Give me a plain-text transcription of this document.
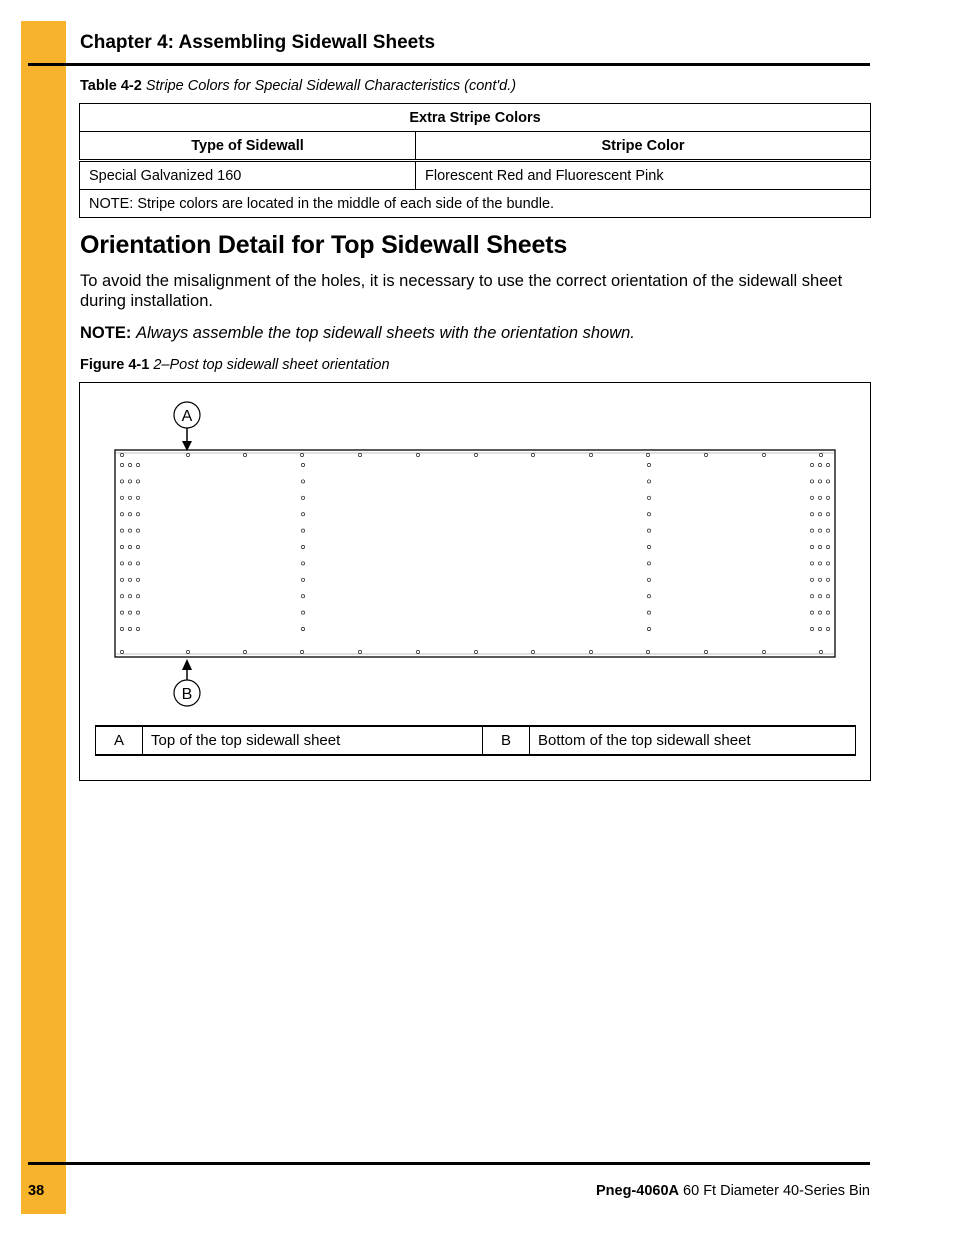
Chapter 4: Assembling Sidewall Sheets
Table 4-2 Stripe Colors for Special Sidewall Characteristics (cont'd.)
Extra Stripe Colors	
Type of Sidewall	Stripe Color
Special Galvanized 160	Florescent Red and Fluorescent Pink
NOTE: Stripe colors are located in the middle of each side of the bundle.	
Orientation Detail for Top Sidewall Sheets
To avoid the misalignment of the holes, it is necessary to use the correct orientation of the sidewall sheet during installation.
NOTE: Always assemble the top sidewall sheets with the orientation shown.
Figure 4-1 2–Post top sidewall sheet orientation
A
B
A	Top of the top sidewall sheet	B	Bottom of the top sidewall sheet
38	Pneg-4060A 60 Ft Diameter 40-Series Bin
